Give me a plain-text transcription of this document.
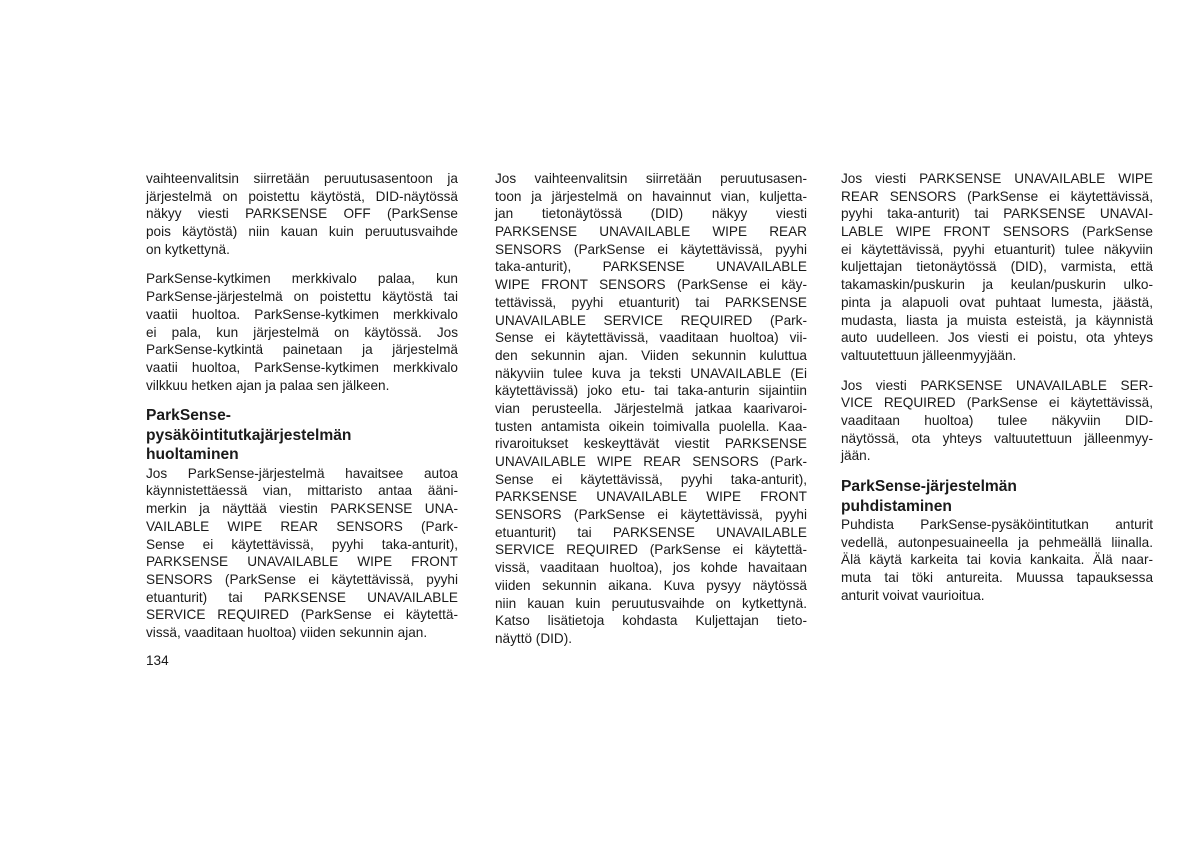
vaihteenvalitsin siirretään peruutusasentoon ja
järjestelmä on poistettu käytöstä, DID-näytössä
näkyy viesti PARKSENSE OFF (ParkSense
pois käytöstä) niin kauan kuin peruutusvaihde
on kytkettynä.
ParkSense-kytkimen merkkivalo palaa, kun
ParkSense-järjestelmä on poistettu käytöstä tai
vaatii huoltoa. ParkSense-kytkimen merkkivalo
ei pala, kun järjestelmä on käytössä. Jos
ParkSense-kytkintä painetaan ja järjestelmä
vaatii huoltoa, ParkSense-kytkimen merkkivalo
vilkkuu hetken ajan ja palaa sen jälkeen.
ParkSense-
pysäköintitutkajärjestelmän
huoltaminen
Jos ParkSense-järjestelmä havaitsee autoa
käynnistettäessä vian, mittaristo antaa ääni-
merkin ja näyttää viestin PARKSENSE UNA-
VAILABLE WIPE REAR SENSORS (Park-
Sense ei käytettävissä, pyyhi taka-anturit),
PARKSENSE UNAVAILABLE WIPE FRONT
SENSORS (ParkSense ei käytettävissä, pyyhi
etuanturit) tai PARKSENSE UNAVAILABLE
SERVICE REQUIRED (ParkSense ei käytettä-
vissä, vaaditaan huoltoa) viiden sekunnin ajan.
Jos vaihteenvalitsin siirretään peruutusasen-
toon ja järjestelmä on havainnut vian, kuljetta-
jan tietonäytössä (DID) näkyy viesti
PARKSENSE UNAVAILABLE WIPE REAR
SENSORS (ParkSense ei käytettävissä, pyyhi
taka-anturit), PARKSENSE UNAVAILABLE
WIPE FRONT SENSORS (ParkSense ei käy-
tettävissä, pyyhi etuanturit) tai PARKSENSE
UNAVAILABLE SERVICE REQUIRED (Park-
Sense ei käytettävissä, vaaditaan huoltoa) vii-
den sekunnin ajan. Viiden sekunnin kuluttua
näkyviin tulee kuva ja teksti UNAVAILABLE (Ei
käytettävissä) joko etu- tai taka-anturin sijaintiin
vian perusteella. Järjestelmä jatkaa kaarivaroi-
tusten antamista oikein toimivalla puolella. Kaa-
rivaroitukset keskeyttävät viestit PARKSENSE
UNAVAILABLE WIPE REAR SENSORS (Park-
Sense ei käytettävissä, pyyhi taka-anturit),
PARKSENSE UNAVAILABLE WIPE FRONT
SENSORS (ParkSense ei käytettävissä, pyyhi
etuanturit) tai PARKSENSE UNAVAILABLE
SERVICE REQUIRED (ParkSense ei käytettä-
vissä, vaaditaan huoltoa), jos kohde havaitaan
viiden sekunnin aikana. Kuva pysyy näytössä
niin kauan kuin peruutusvaihde on kytkettynä.
Katso lisätietoja kohdasta Kuljettajan tieto-
näyttö (DID).
Jos viesti PARKSENSE UNAVAILABLE WIPE
REAR SENSORS (ParkSense ei käytettävissä,
pyyhi taka-anturit) tai PARKSENSE UNAVAI-
LABLE WIPE FRONT SENSORS (ParkSense
ei käytettävissä, pyyhi etuanturit) tulee näkyviin
kuljettajan tietonäytössä (DID), varmista, että
takamaskin/puskurin ja keulan/puskurin ulko-
pinta ja alapuoli ovat puhtaat lumesta, jäästä,
mudasta, liasta ja muista esteistä, ja käynnistä
auto uudelleen. Jos viesti ei poistu, ota yhteys
valtuutettuun jälleenmyyjään.
Jos viesti PARKSENSE UNAVAILABLE SER-
VICE REQUIRED (ParkSense ei käytettävissä,
vaaditaan huoltoa) tulee näkyviin DID-
näytössä, ota yhteys valtuutettuun jälleenmyy-
jään.
ParkSense-järjestelmän
puhdistaminen
Puhdista ParkSense-pysäköintitutkan anturit
vedellä, autonpesuaineella ja pehmeällä liinalla.
Älä käytä karkeita tai kovia kankaita. Älä naar-
muta tai töki antureita. Muussa tapauksessa
anturit voivat vaurioitua.
134
